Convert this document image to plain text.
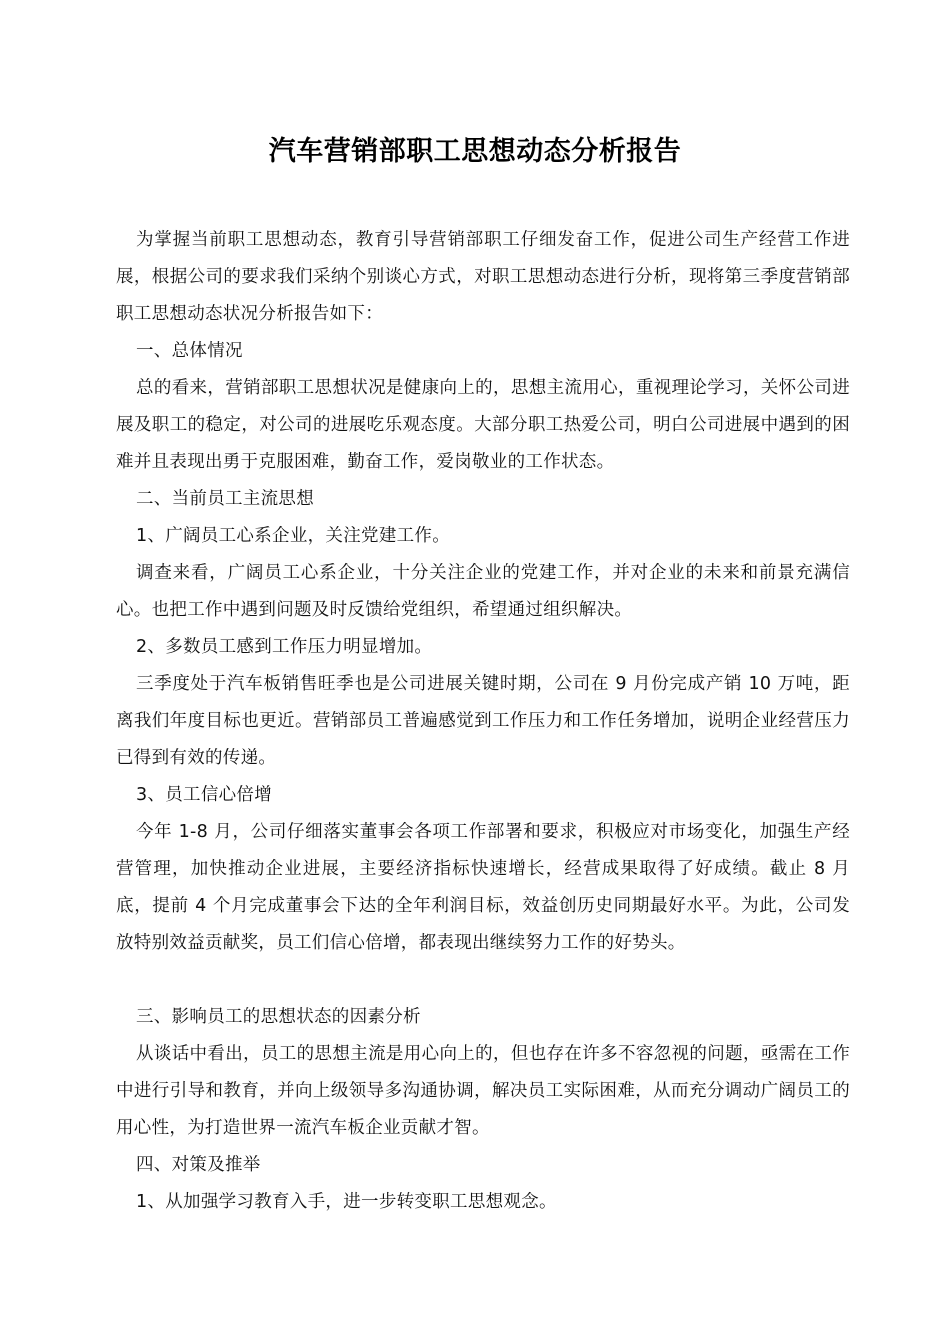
汽车营销部职工思想动态分析报告

为掌握当前职工思想动态，教育引导营销部职工仔细发奋工作，促进公司生产经营工作进展，根据公司的要求我们采纳个别谈心方式，对职工思想动态进行分析，现将第三季度营销部职工思想动态状况分析报告如下：

一、总体情况

总的看来，营销部职工思想状况是健康向上的，思想主流用心，重视理论学习，关怀公司进展及职工的稳定，对公司的进展吃乐观态度。大部分职工热爱公司，明白公司进展中遇到的困难并且表现出勇于克服困难，勤奋工作，爱岗敬业的工作状态。

二、当前员工主流思想

1、广阔员工心系企业，关注党建工作。

调查来看，广阔员工心系企业，十分关注企业的党建工作，并对企业的未来和前景充满信心。也把工作中遇到问题及时反馈给党组织，希望通过组织解决。

2、多数员工感到工作压力明显增加。

三季度处于汽车板销售旺季也是公司进展关键时期，公司在 9 月份完成产销 10 万吨，距离我们年度目标也更近。营销部员工普遍感觉到工作压力和工作任务增加，说明企业经营压力已得到有效的传递。

3、员工信心倍增

今年 1-8 月，公司仔细落实董事会各项工作部署和要求，积极应对市场变化，加强生产经营管理，加快推动企业进展，主要经济指标快速增长，经营成果取得了好成绩。截止 8 月底，提前 4 个月完成董事会下达的全年利润目标，效益创历史同期最好水平。为此，公司发放特别效益贡献奖，员工们信心倍增，都表现出继续努力工作的好势头。

三、影响员工的思想状态的因素分析

从谈话中看出，员工的思想主流是用心向上的，但也存在许多不容忽视的问题，亟需在工作中进行引导和教育，并向上级领导多沟通协调，解决员工实际困难，从而充分调动广阔员工的用心性，为打造世界一流汽车板企业贡献才智。

四、对策及推举

1、从加强学习教育入手，进一步转变职工思想观念。
